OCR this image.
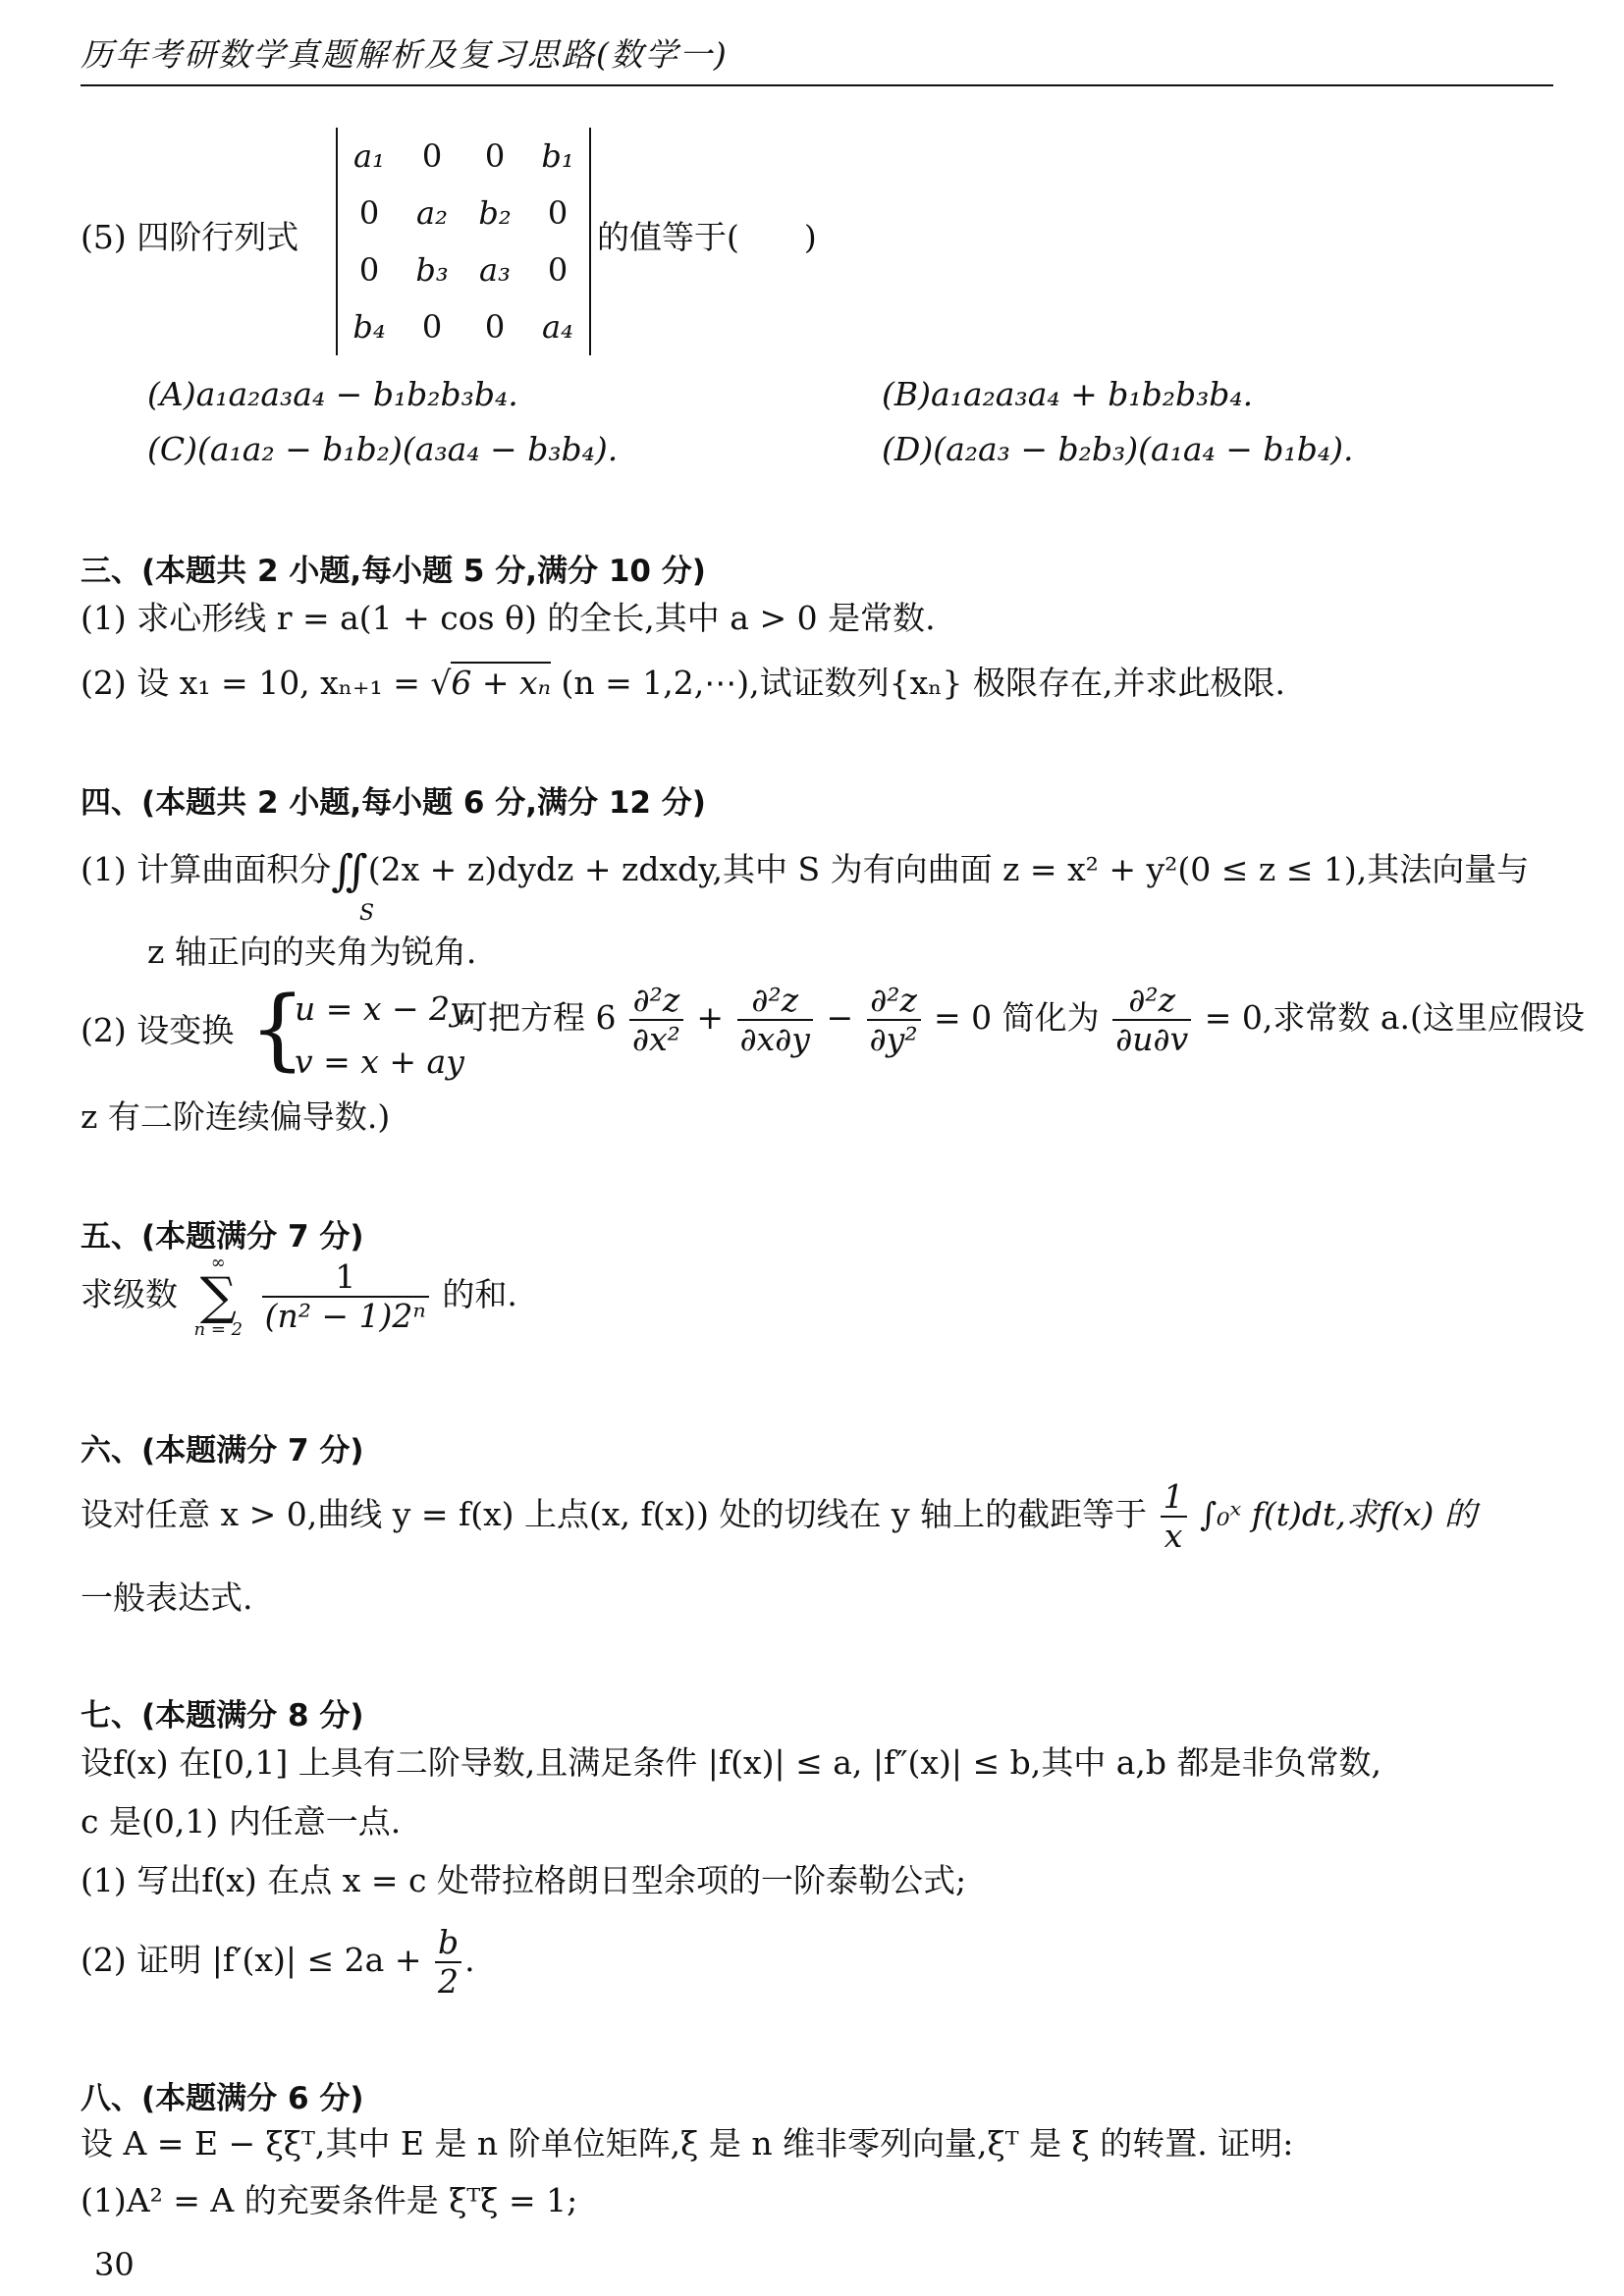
历年考研数学真题解析及复习思路(数学一)
(5) 四阶行列式
a₁	0	0	b₁
0	a₂	b₂	0
0	b₃	a₃	0
b₄	0	0	a₄
的值等于(　　)
(A)a₁a₂a₃a₄ − b₁b₂b₃b₄.	(B)a₁a₂a₃a₄ + b₁b₂b₃b₄.
(C)(a₁a₂ − b₁b₂)(a₃a₄ − b₃b₄).	(D)(a₂a₃ − b₂b₃)(a₁a₄ − b₁b₄).
三、(本题共 2 小题,每小题 5 分,满分 10 分)
(1) 求心形线 r = a(1 + cos θ) 的全长,其中 a > 0 是常数.
(2) 设 x₁ = 10, xₙ₊₁ = √6 + xₙ (n = 1,2,⋯),试证数列{xₙ} 极限存在,并求此极限.
四、(本题共 2 小题,每小题 6 分,满分 12 分)
(1) 计算曲面积分∬(2x + z)dydz + zdxdy,其中 S 为有向曲面 z = x² + y²(0 ≤ z ≤ 1),其法向量与
S
z 轴正向的夹角为锐角.
(2) 设变换 {
u = x − 2y,
v = x + ay
可把方程 $6 \frac{\text{∂²z}}{\text{∂x²}} + \frac{\text{∂²z}}{\partial x\partial y} - \frac{\text{∂²z}}{\text{∂y²}} = 0$ 简化为 $\frac{\text{∂²z}}{\partial u\partial v} = 0$,求常数 a.(这里应假设
z 有二阶连续偏导数.)
五、(本题满分 7 分)
求级数
∞
∑
n = 2
$\frac{1}{\text{(n² − 1)2ⁿ}}$ 的和.
六、(本题满分 7 分)
设对任意 x > 0,曲线 y = f(x) 上点(x, f(x)) 处的切线在 y 轴上的截距等于 $\frac{1}{x}$ ∫₀ˣ f(t)dt,求f(x) 的
一般表达式.
七、(本题满分 8 分)
设f(x) 在[0,1] 上具有二阶导数,且满足条件 |f(x)| ≤ a, |f″(x)| ≤ b,其中 a,b 都是非负常数,
c 是(0,1) 内任意一点.
(1) 写出f(x) 在点 x = c 处带拉格朗日型余项的一阶泰勒公式;
(2) 证明 $|f'(x)| \le 2a + \frac{b}{2}$ .
八、(本题满分 6 分)
设 A = E − ξξᵀ,其中 E 是 n 阶单位矩阵,ξ 是 n 维非零列向量,ξᵀ 是 ξ 的转置. 证明:
(1)A² = A 的充要条件是 ξᵀξ = 1;
30
